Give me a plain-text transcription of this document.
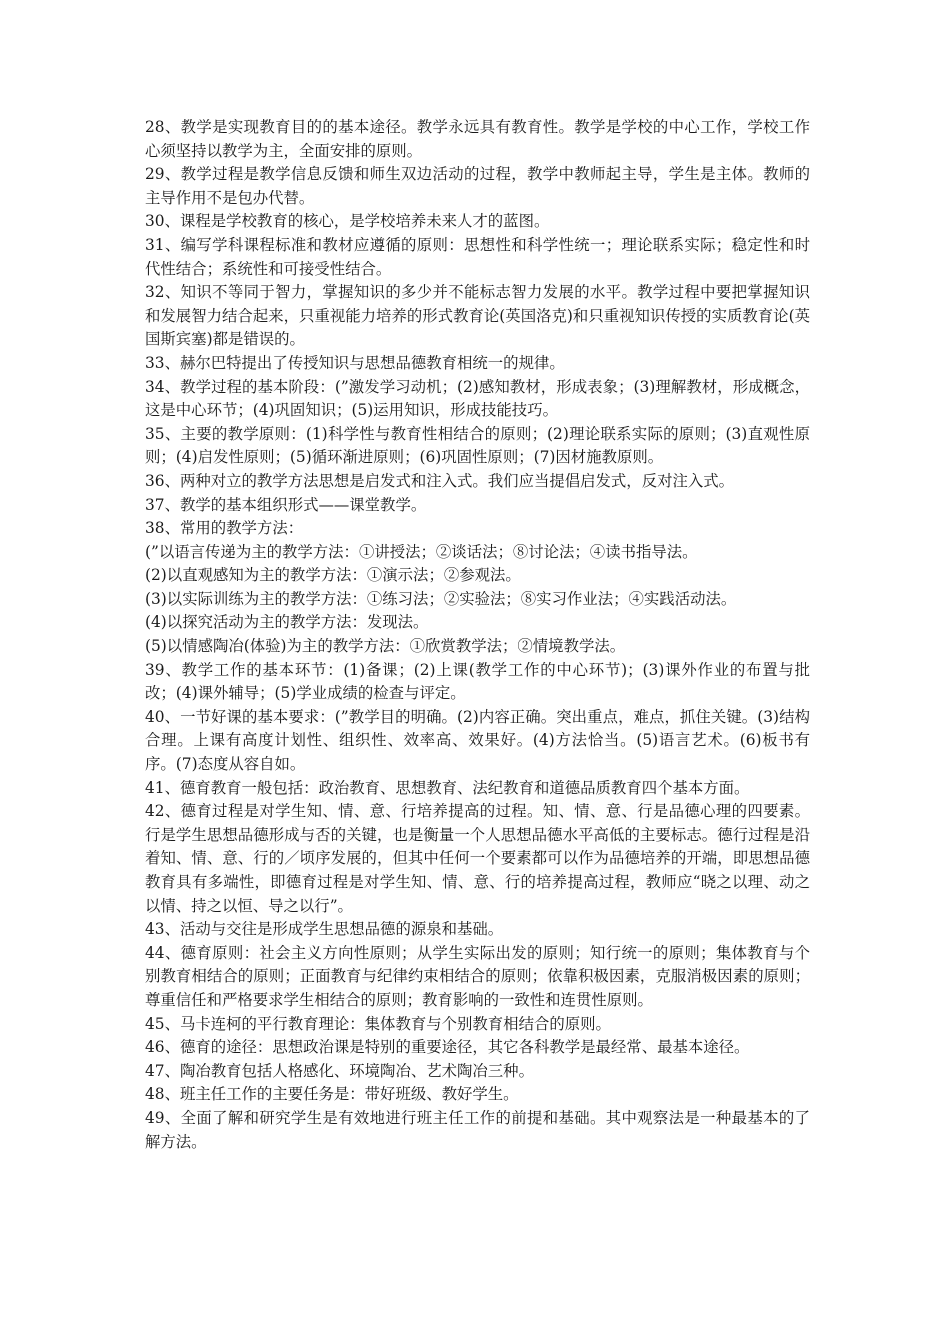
28、教学是实现教育目的的基本途径。教学永远具有教育性。教学是学校的中心工作，学校工作心须坚持以教学为主，全面安排的原则。

29、教学过程是教学信息反馈和师生双边活动的过程，教学中教师起主导，学生是主体。教师的主导作用不是包办代替。

30、课程是学校教育的核心，是学校培养未来人才的蓝图。

31、编写学科课程标准和教材应遵循的原则：思想性和科学性统一；理论联系实际；稳定性和时代性结合；系统性和可接受性结合。

32、知识不等同于智力，掌握知识的多少并不能标志智力发展的水平。教学过程中要把掌握知识和发展智力结合起来，只重视能力培养的形式教育论(英国洛克)和只重视知识传授的实质教育论(英国斯宾塞)都是错误的。

33、赫尔巴特提出了传授知识与思想品德教育相统一的规律。

34、教学过程的基本阶段：(”激发学习动机；(2)感知教材，形成表象；(3)理解教材，形成概念，这是中心环节；(4)巩固知识；(5)运用知识，形成技能技巧。

35、主要的教学原则：(1)科学性与教育性相结合的原则；(2)理论联系实际的原则；(3)直观性原则；(4)启发性原则；(5)循环渐进原则；(6)巩固性原则；(7)因材施教原则。

36、两种对立的教学方法思想是启发式和注入式。我们应当提倡启发式，反对注入式。

37、教学的基本组织形式——课堂教学。

38、常用的教学方法：

(”以语言传递为主的教学方法：①讲授法；②谈话法；⑧讨论法；④读书指导法。

(2)以直观感知为主的教学方法：①演示法；②参观法。

(3)以实际训练为主的教学方法：①练习法；②实验法；⑧实习作业法；④实践活动法。

(4)以探究活动为主的教学方法：发现法。

(5)以情感陶冶(体验)为主的教学方法：①欣赏教学法；②情境教学法。

39、教学工作的基本环节：(1)备课；(2)上课(教学工作的中心环节)；(3)课外作业的布置与批改；(4)课外辅导；(5)学业成绩的检查与评定。

40、一节好课的基本要求：(”教学目的明确。(2)内容正确。突出重点，难点，抓住关键。(3)结构合理。上课有高度计划性、组织性、效率高、效果好。(4)方法恰当。(5)语言艺术。(6)板书有序。(7)态度从容自如。

41、德育教育一般包括：政治教育、思想教育、法纪教育和道德品质教育四个基本方面。

42、德育过程是对学生知、情、意、行培养提高的过程。知、情、意、行是品德心理的四要素。行是学生思想品德形成与否的关键，也是衡量一个人思想品德水平高低的主要标志。德行过程是沿着知、情、意、行的／顷序发展的，但其中任何一个要素都可以作为品德培养的开端，即思想品德教育具有多端性，即德育过程是对学生知、情、意、行的培养提高过程，教师应“晓之以理、动之以情、持之以恒、导之以行”。

43、活动与交往是形成学生思想品德的源泉和基础。

44、德育原则：社会主义方向性原则；从学生实际出发的原则；知行统一的原则；集体教育与个别教育相结合的原则；正面教育与纪律约束相结合的原则；依靠积极因素，克服消极因素的原则；尊重信任和严格要求学生相结合的原则；教育影响的一致性和连贯性原则。

45、马卡连柯的平行教育理论：集体教育与个别教育相结合的原则。

46、德育的途径：思想政治课是特别的重要途径，其它各科教学是最经常、最基本途径。

47、陶冶教育包括人格感化、环境陶冶、艺术陶冶三种。

48、班主任工作的主要任务是：带好班级、教好学生。

49、全面了解和研究学生是有效地进行班主任工作的前提和基础。其中观察法是一种最基本的了解方法。
